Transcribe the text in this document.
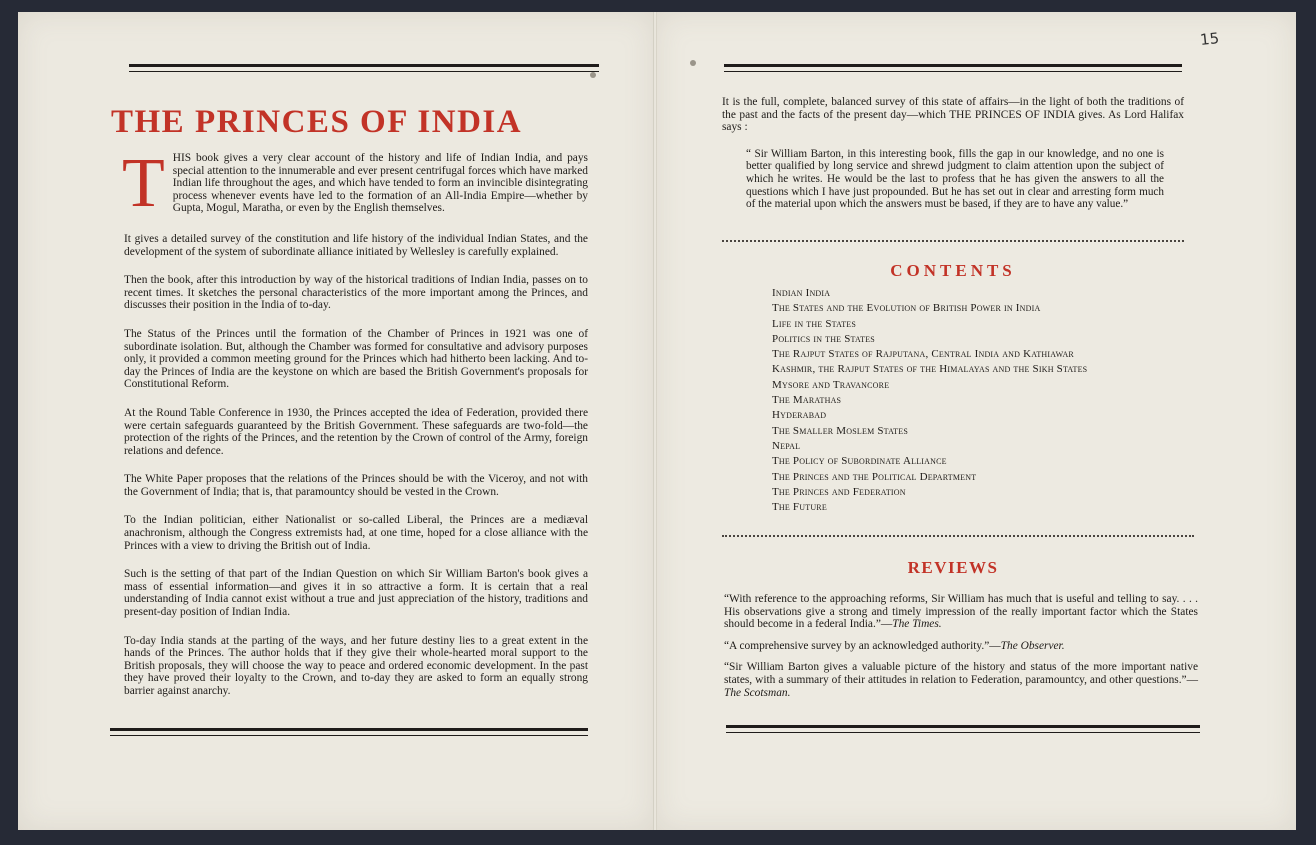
THE PRINCES OF INDIA

THIS book gives a very clear account of the history and life of Indian India, and pays special attention to the innumerable and ever present centrifugal forces which have marked Indian life throughout the ages, and which have tended to form an invincible disintegrating process whenever events have led to the formation of an All-India Empire—whether by Gupta, Mogul, Maratha, or even by the English themselves.

It gives a detailed survey of the constitution and life history of the individual Indian States, and the development of the system of subordinate alliance initiated by Wellesley is carefully explained.

Then the book, after this introduction by way of the historical traditions of Indian India, passes on to recent times. It sketches the personal characteristics of the more important among the Princes, and discusses their position in the India of to-day.

The Status of the Princes until the formation of the Chamber of Princes in 1921 was one of subordinate isolation. But, although the Chamber was formed for consultative and advisory purposes only, it provided a common meeting ground for the Princes which had hitherto been lacking. And to-day the Princes of India are the keystone on which are based the British Government's proposals for Constitutional Reform.

At the Round Table Conference in 1930, the Princes accepted the idea of Federation, provided there were certain safeguards guaranteed by the British Government. These safeguards are two-fold—the protection of the rights of the Princes, and the retention by the Crown of control of the Army, foreign relations and defence.

The White Paper proposes that the relations of the Princes should be with the Viceroy, and not with the Government of India; that is, that paramountcy should be vested in the Crown.

To the Indian politician, either Nationalist or so-called Liberal, the Princes are a mediæval anachronism, although the Congress extremists had, at one time, hoped for a close alliance with the Princes with a view to driving the British out of India.

Such is the setting of that part of the Indian Question on which Sir William Barton's book gives a mass of essential information—and gives it in so attractive a form. It is certain that a real understanding of India cannot exist without a true and just appreciation of the history, traditions and present-day position of Indian India.

To-day India stands at the parting of the ways, and her future destiny lies to a great extent in the hands of the Princes. The author holds that if they give their whole-hearted moral support to the British proposals, they will choose the way to peace and ordered economic development. In the past they have proved their loyalty to the Crown, and to-day they are asked to form an equally strong barrier against anarchy.

15
It is the full, complete, balanced survey of this state of affairs—in the light of both the traditions of the past and the facts of the present day—which THE PRINCES OF INDIA gives. As Lord Halifax says :
“ Sir William Barton, in this interesting book, fills the gap in our knowledge, and no one is better qualified by long service and shrewd judgment to claim attention upon the subject of which he writes. He would be the last to profess that he has given the answers to all the questions which I have just propounded. But he has set out in clear and arresting form much of the material upon which the answers must be based, if they are to have any value.”
CONTENTS
Indian India
The States and the Evolution of British Power in India
Life in the States
Politics in the States
The Rajput States of Rajputana, Central India and Kathiawar
Kashmir, the Rajput States of the Himalayas and the Sikh States
Mysore and Travancore
The Marathas
Hyderabad
The Smaller Moslem States
Nepal
The Policy of Subordinate Alliance
The Princes and the Political Department
The Princes and Federation
The Future
REVIEWS

“With reference to the approaching reforms, Sir William has much that is useful and telling to say. . . . His observations give a strong and timely impression of the really important factor which the States should become in a federal India.”—The Times.

“A comprehensive survey by an acknowledged authority.”—The Observer.

“Sir William Barton gives a valuable picture of the history and status of the more important native states, with a summary of their attitudes in relation to Federation, paramountcy, and other questions.”—The Scotsman.
